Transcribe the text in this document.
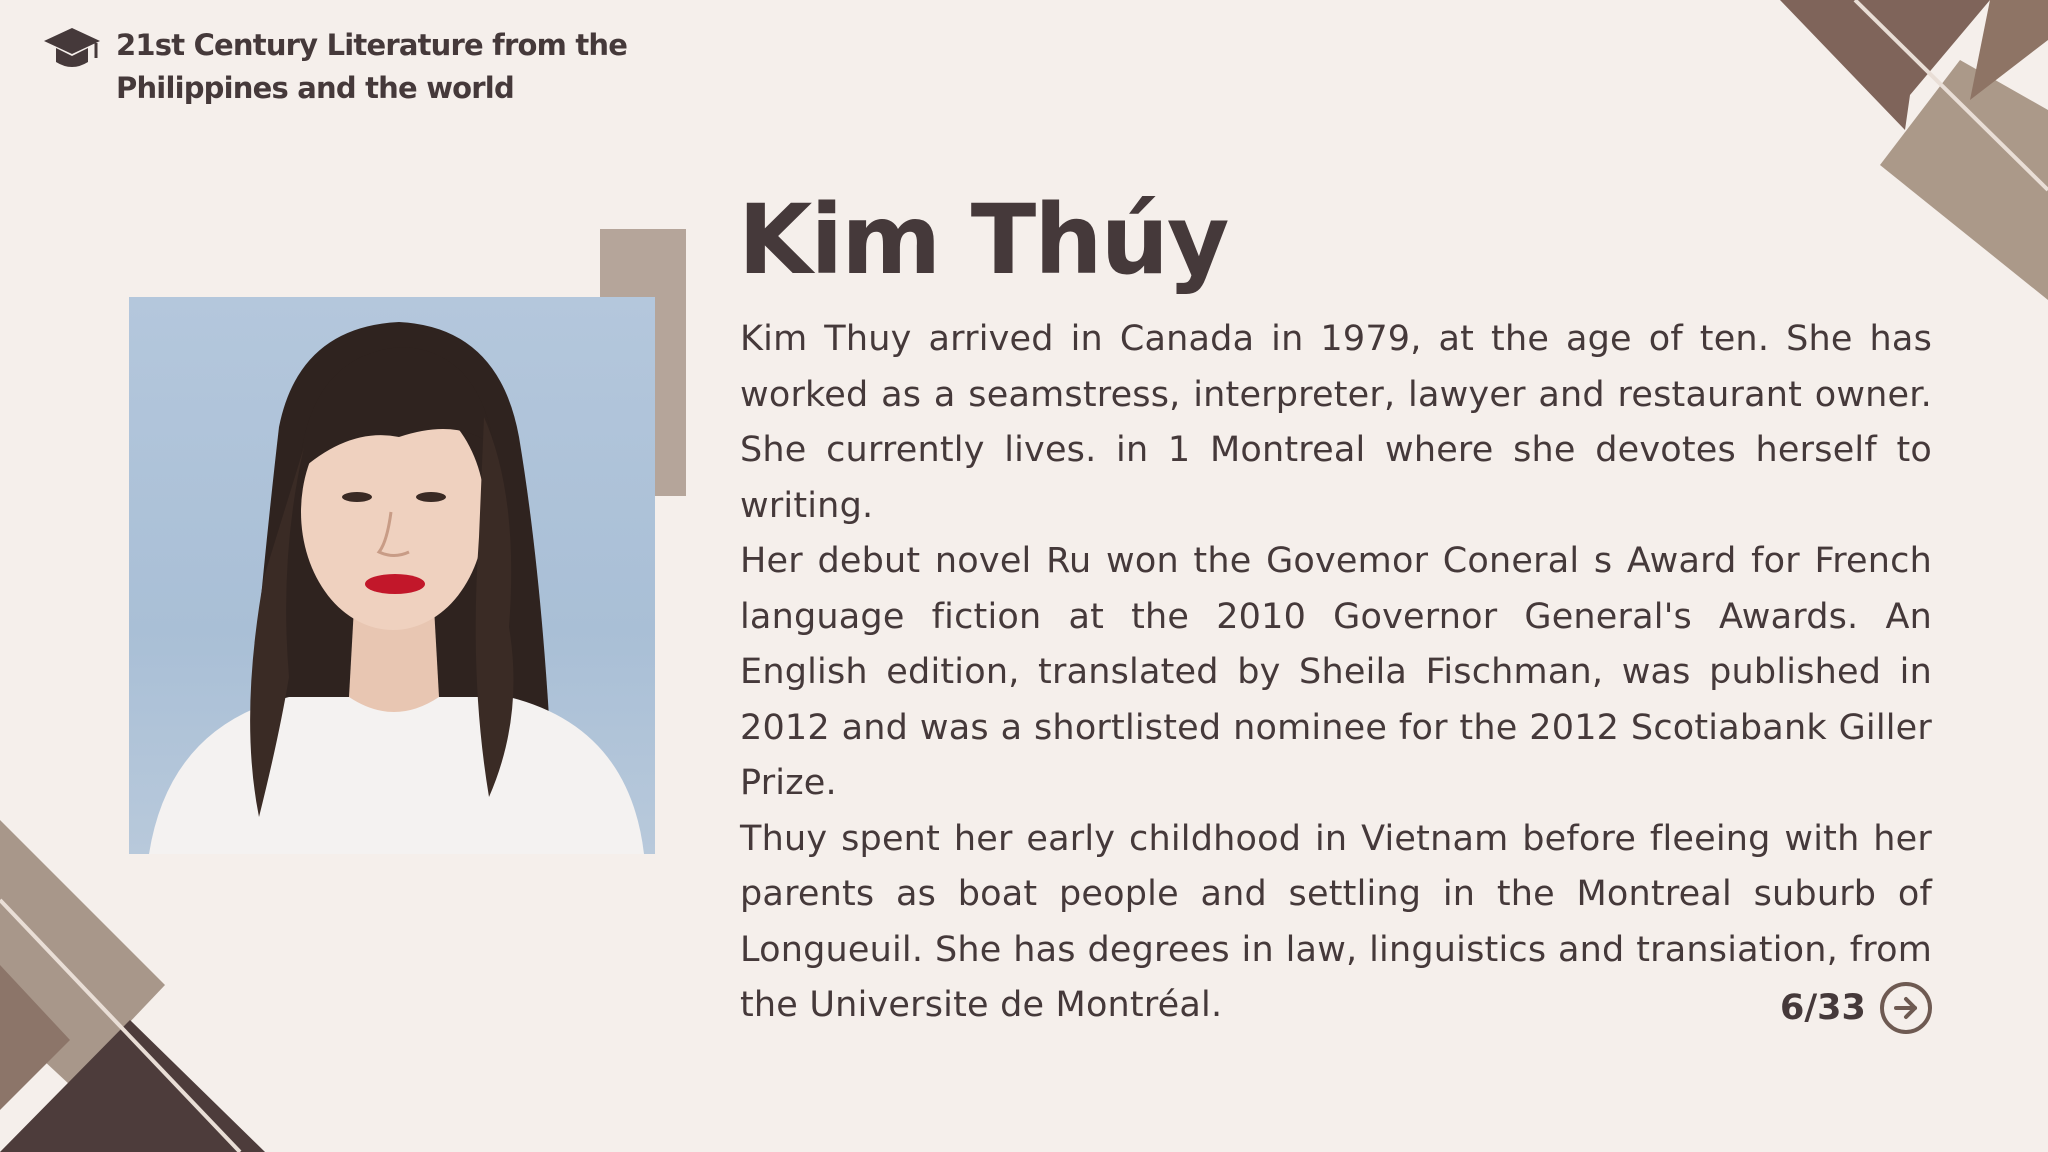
21st Century Literature from the Philippines and the world
Kim Thúy

Kim Thuy arrived in Canada in 1979, at the age of ten. She has worked as a seamstress, interpreter, lawyer and restaurant owner. She currently lives. in 1 Montreal where she devotes herself to writing.

Her debut novel Ru won the Govemor Coneral s Award for French language fiction at the 2010 Governor General's Awards. An English edition, translated by Sheila Fischman, was published in 2012 and was a shortlisted nominee for the 2012 Scotiabank Giller Prize.

Thuy spent her early childhood in Vietnam before fleeing with her parents as boat people and settling in the Montreal suburb of Longueuil. She has degrees in law, linguistics and transiation, from the Universite de Montréal.	6/33
